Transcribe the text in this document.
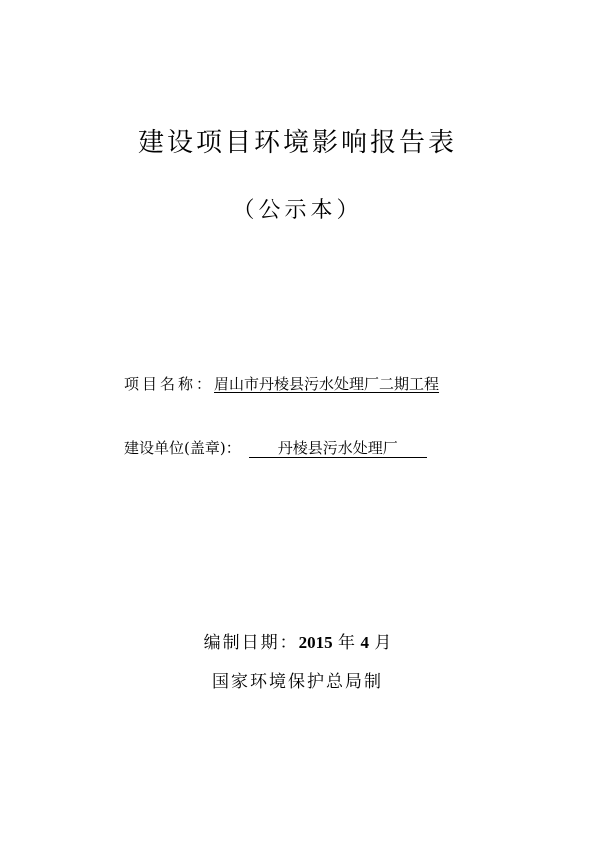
建设项目环境影响报告表
（公示本）
项目名称：眉山市丹棱县污水处理厂二期工程
建设单位(盖章)： 丹棱县污水处理厂
编制日期：2015 年 4 月
国家环境保护总局制
